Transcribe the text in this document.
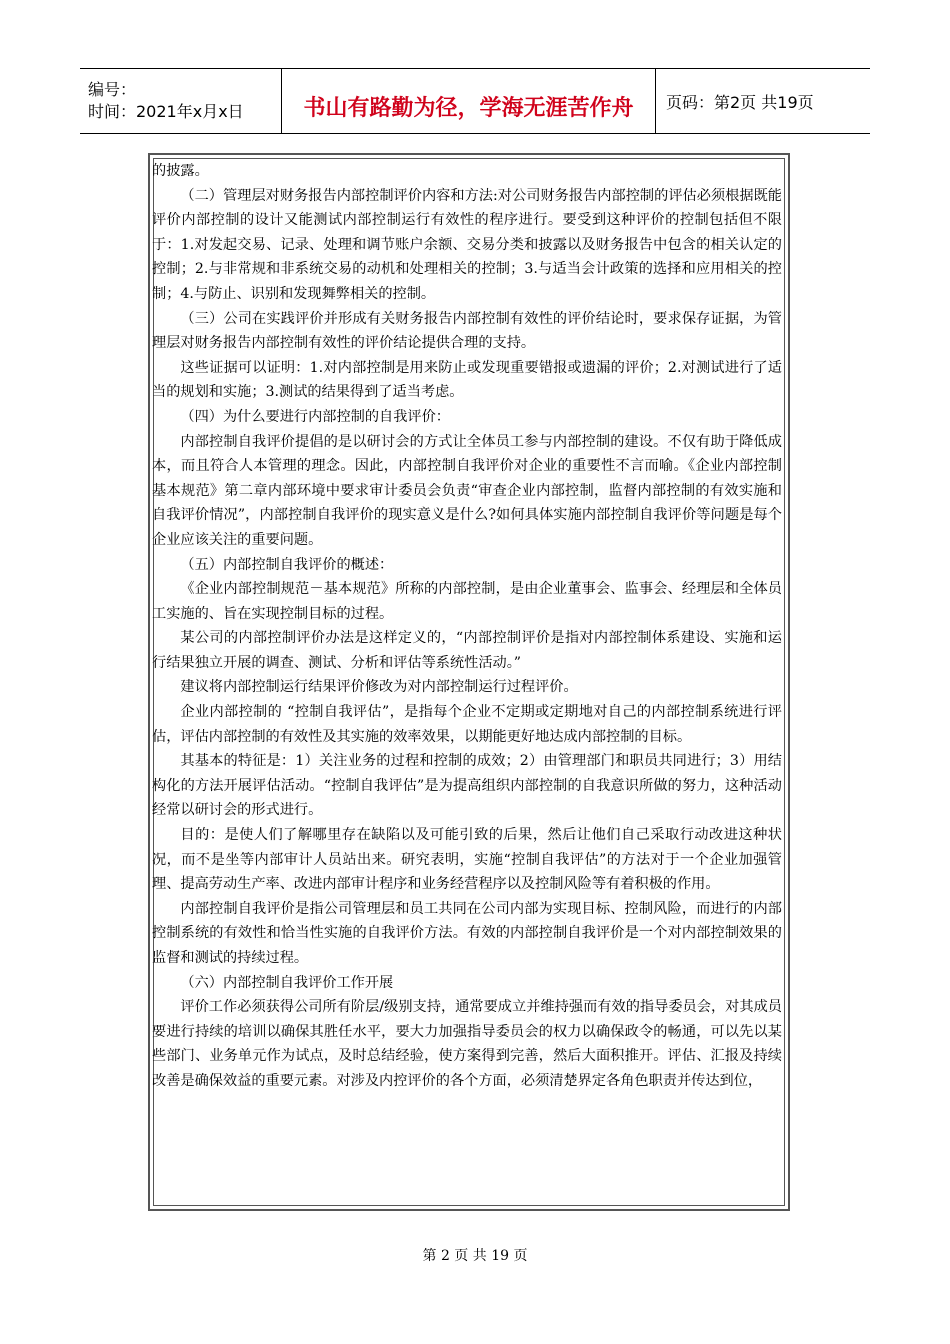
编号：
时间：2021年x月x日	书山有路勤为径，学海无涯苦作舟 页码：第2页 共19页

的披露。

（二）管理层对财务报告内部控制评价内容和方法:对公司财务报告内部控制的评估必须根据既能评价内部控制的设计又能测试内部控制运行有效性的程序进行。要受到这种评价的控制包括但不限于：1.对发起交易、记录、处理和调节账户余额、交易分类和披露以及财务报告中包含的相关认定的控制；2.与非常规和非系统交易的动机和处理相关的控制；3.与适当会计政策的选择和应用相关的控制；4.与防止、识别和发现舞弊相关的控制。

（三）公司在实践评价并形成有关财务报告内部控制有效性的评价结论时，要求保存证据，为管理层对财务报告内部控制有效性的评价结论提供合理的支持。

这些证据可以证明：1.对内部控制是用来防止或发现重要错报或遗漏的评价；2.对测试进行了适当的规划和实施；3.测试的结果得到了适当考虑。

（四）为什么要进行内部控制的自我评价：

内部控制自我评价提倡的是以研讨会的方式让全体员工参与内部控制的建设。不仅有助于降低成本，而且符合人本管理的理念。因此，内部控制自我评价对企业的重要性不言而喻。《企业内部控制基本规范》第二章内部环境中要求审计委员会负责“审查企业内部控制，监督内部控制的有效实施和自我评价情况”，内部控制自我评价的现实意义是什么?如何具体实施内部控制自我评价等问题是每个企业应该关注的重要问题。

（五）内部控制自我评价的概述：

《企业内部控制规范－基本规范》所称的内部控制，是由企业董事会、监事会、经理层和全体员工实施的、旨在实现控制目标的过程。

某公司的内部控制评价办法是这样定义的，“内部控制评价是指对内部控制体系建设、实施和运行结果独立开展的调查、测试、分析和评估等系统性活动。”

建议将内部控制运行结果评价修改为对内部控制运行过程评价。

企业内部控制的 “控制自我评估”，是指每个企业不定期或定期地对自己的内部控制系统进行评估，评估内部控制的有效性及其实施的效率效果，以期能更好地达成内部控制的目标。

其基本的特征是：1）关注业务的过程和控制的成效；2）由管理部门和职员共同进行；3）用结构化的方法开展评估活动。“控制自我评估”是为提高组织内部控制的自我意识所做的努力，这种活动经常以研讨会的形式进行。

目的：是使人们了解哪里存在缺陷以及可能引致的后果，然后让他们自己采取行动改进这种状况，而不是坐等内部审计人员站出来。研究表明，实施“控制自我评估”的方法对于一个企业加强管理、提高劳动生产率、改进内部审计程序和业务经营程序以及控制风险等有着积极的作用。

内部控制自我评价是指公司管理层和员工共同在公司内部为实现目标、控制风险，而进行的内部控制系统的有效性和恰当性实施的自我评价方法。有效的内部控制自我评价是一个对内部控制效果的监督和测试的持续过程。

（六）内部控制自我评价工作开展

评价工作必须获得公司所有阶层/级别支持，通常要成立并维持强而有效的指导委员会，对其成员要进行持续的培训以确保其胜任水平，要大力加强指导委员会的权力以确保政令的畅通，可以先以某些部门、业务单元作为试点，及时总结经验，使方案得到完善，然后大面积推开。评估、汇报及持续改善是确保效益的重要元素。对涉及内控评价的各个方面，必须清楚界定各角色职责并传达到位，

第 2 页 共 19 页
